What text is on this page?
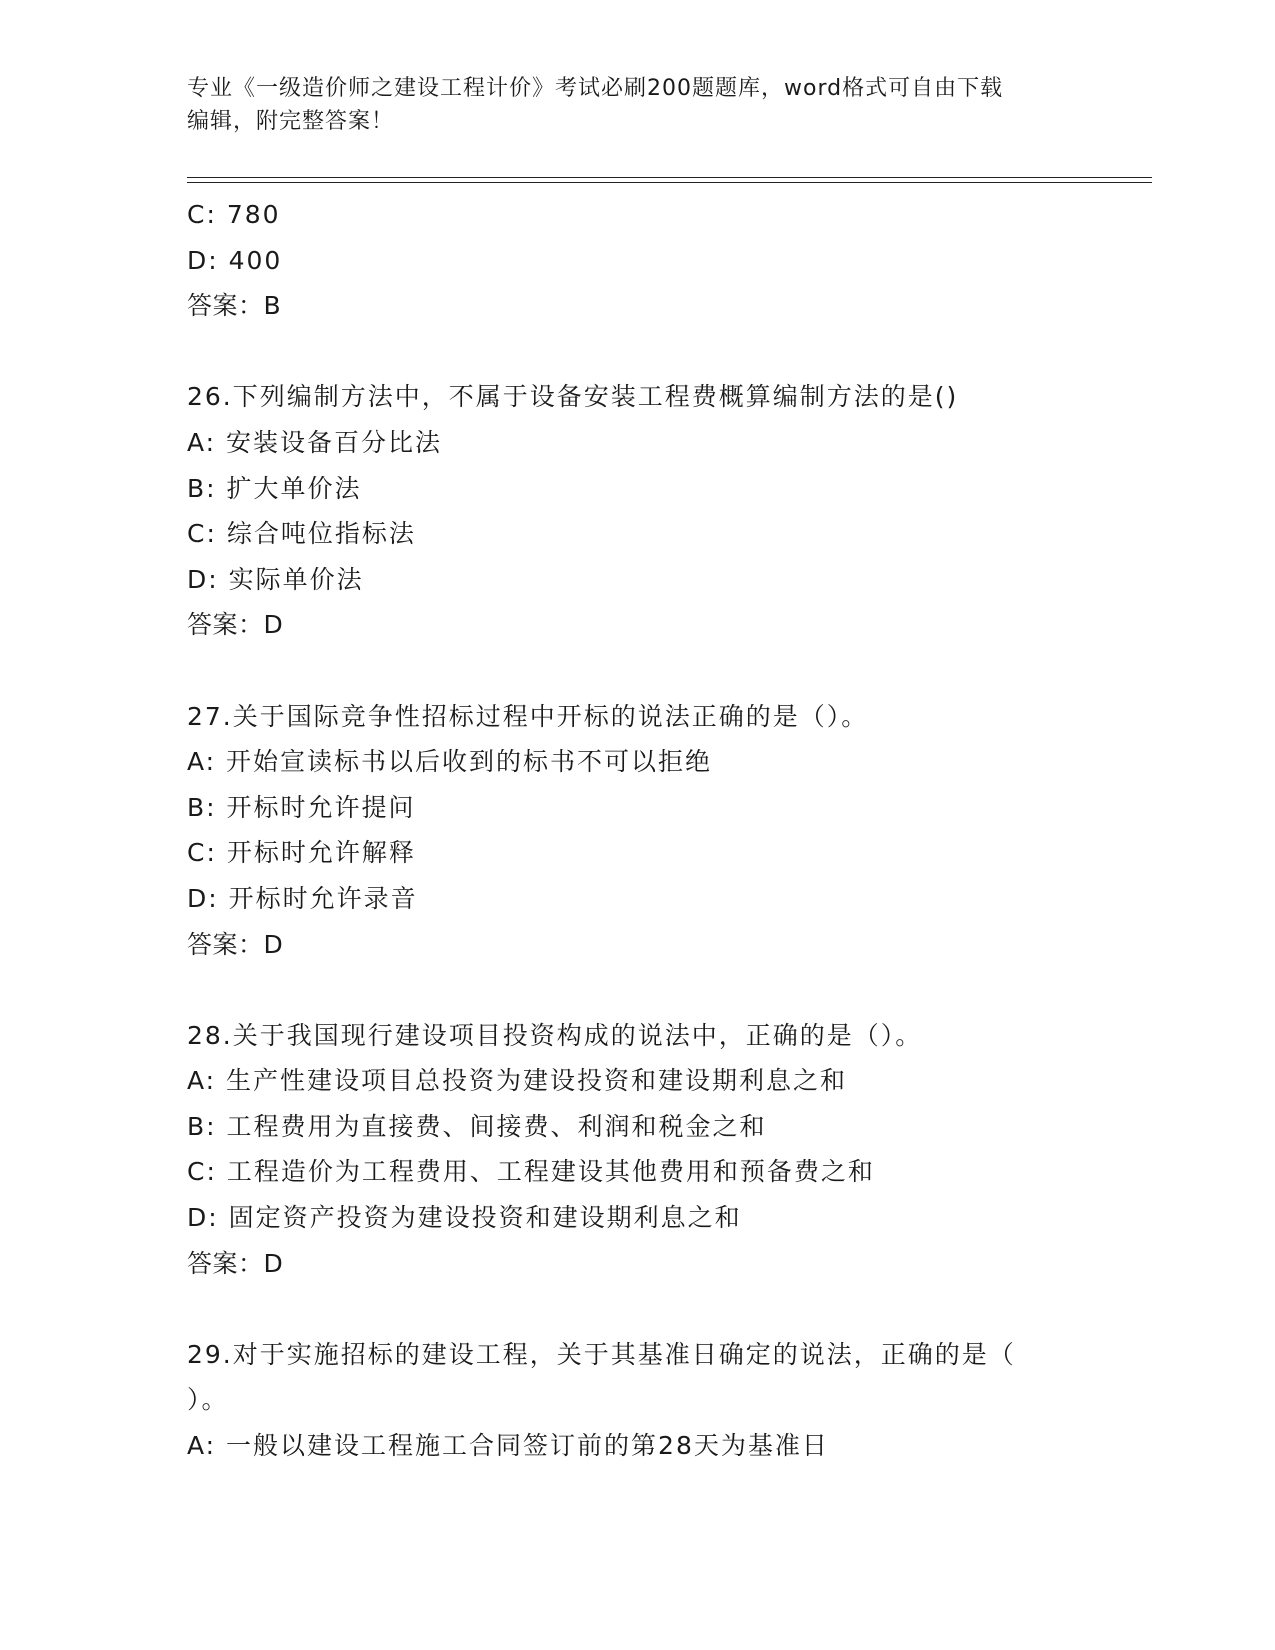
专业《一级造价师之建设工程计价》考试必刷200题题库，word格式可自由下载
编辑，附完整答案！
C: 780
D: 400
答案：B
26.下列编制方法中，不属于设备安装工程费概算编制方法的是()
A: 安装设备百分比法
B: 扩大单价法
C: 综合吨位指标法
D: 实际单价法
答案：D
27.关于国际竞争性招标过程中开标的说法正确的是（）。
A: 开始宣读标书以后收到的标书不可以拒绝
B: 开标时允许提问
C: 开标时允许解释
D: 开标时允许录音
答案：D
28.关于我国现行建设项目投资构成的说法中，正确的是（）。
A: 生产性建设项目总投资为建设投资和建设期利息之和
B: 工程费用为直接费、间接费、利润和税金之和
C: 工程造价为工程费用、工程建设其他费用和预备费之和
D: 固定资产投资为建设投资和建设期利息之和
答案：D
29.对于实施招标的建设工程，关于其基准日确定的说法，正确的是（
）。
A: 一般以建设工程施工合同签订前的第28天为基准日
